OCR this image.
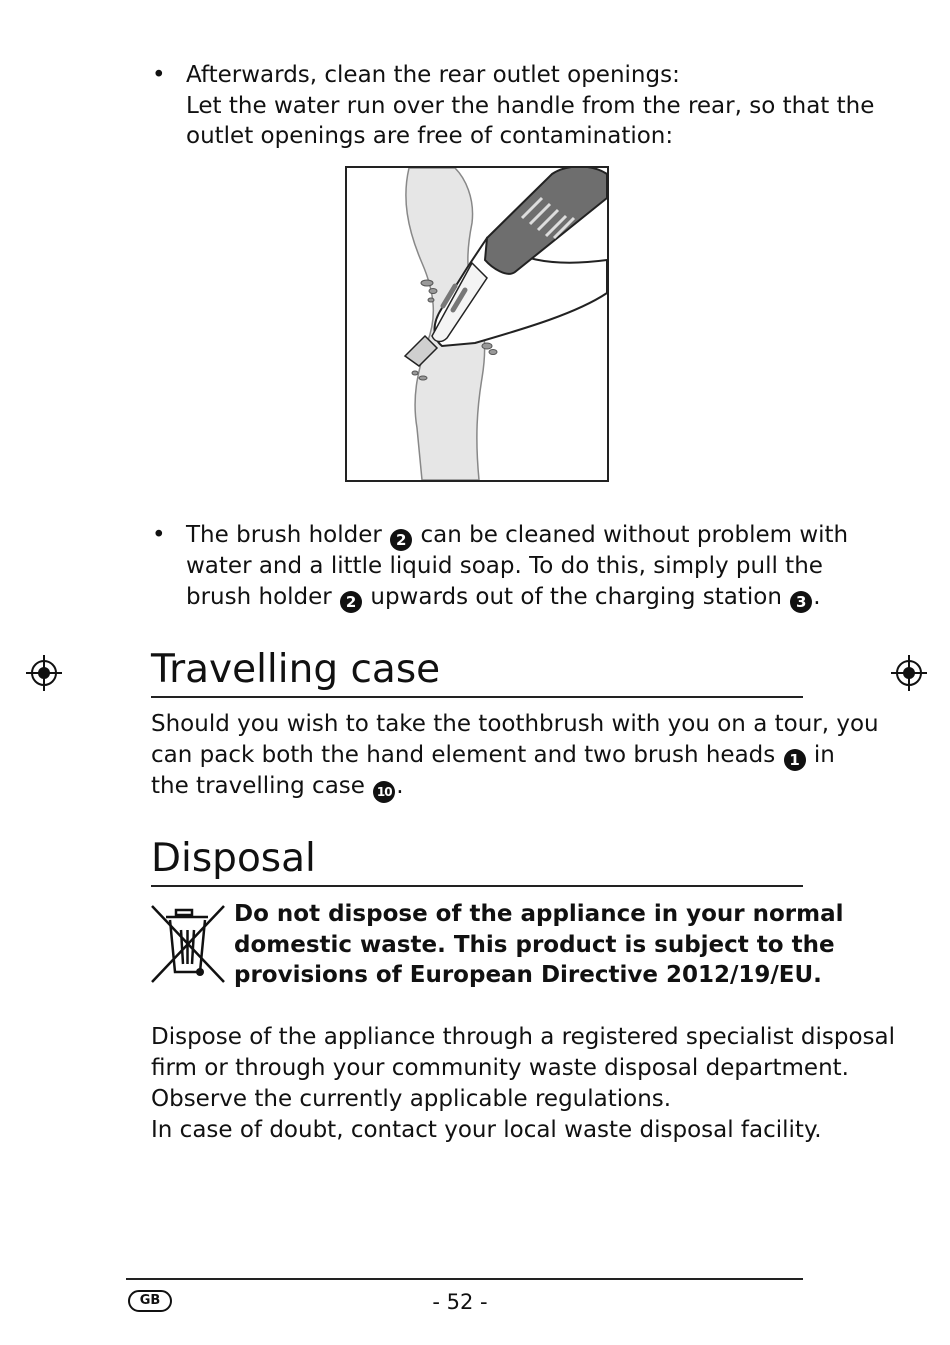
• Afterwards, clean the rear outlet openings:
Let the water run over the handle from the rear, so that the
outlet openings are free of contamination:
• The brush holder 2 can be cleaned without problem with
water and a little liquid soap. To do this, simply pull the
brush holder 2 upwards out of the charging station 3 .
Travelling case
Should you wish to take the toothbrush with you on a tour, you
can pack both the hand element and two brush heads 1 in
the travelling case 10 .
Disposal
Do not dispose of the appliance in your normal
domestic waste. This product is subject to the
provisions of European Directive 2012/19/EU.
Dispose of the appliance through a registered specialist disposal
firm or through your community waste disposal department.
Observe the currently applicable regulations.
In case of doubt, contact your local waste disposal facility.
GB	- 52 -
